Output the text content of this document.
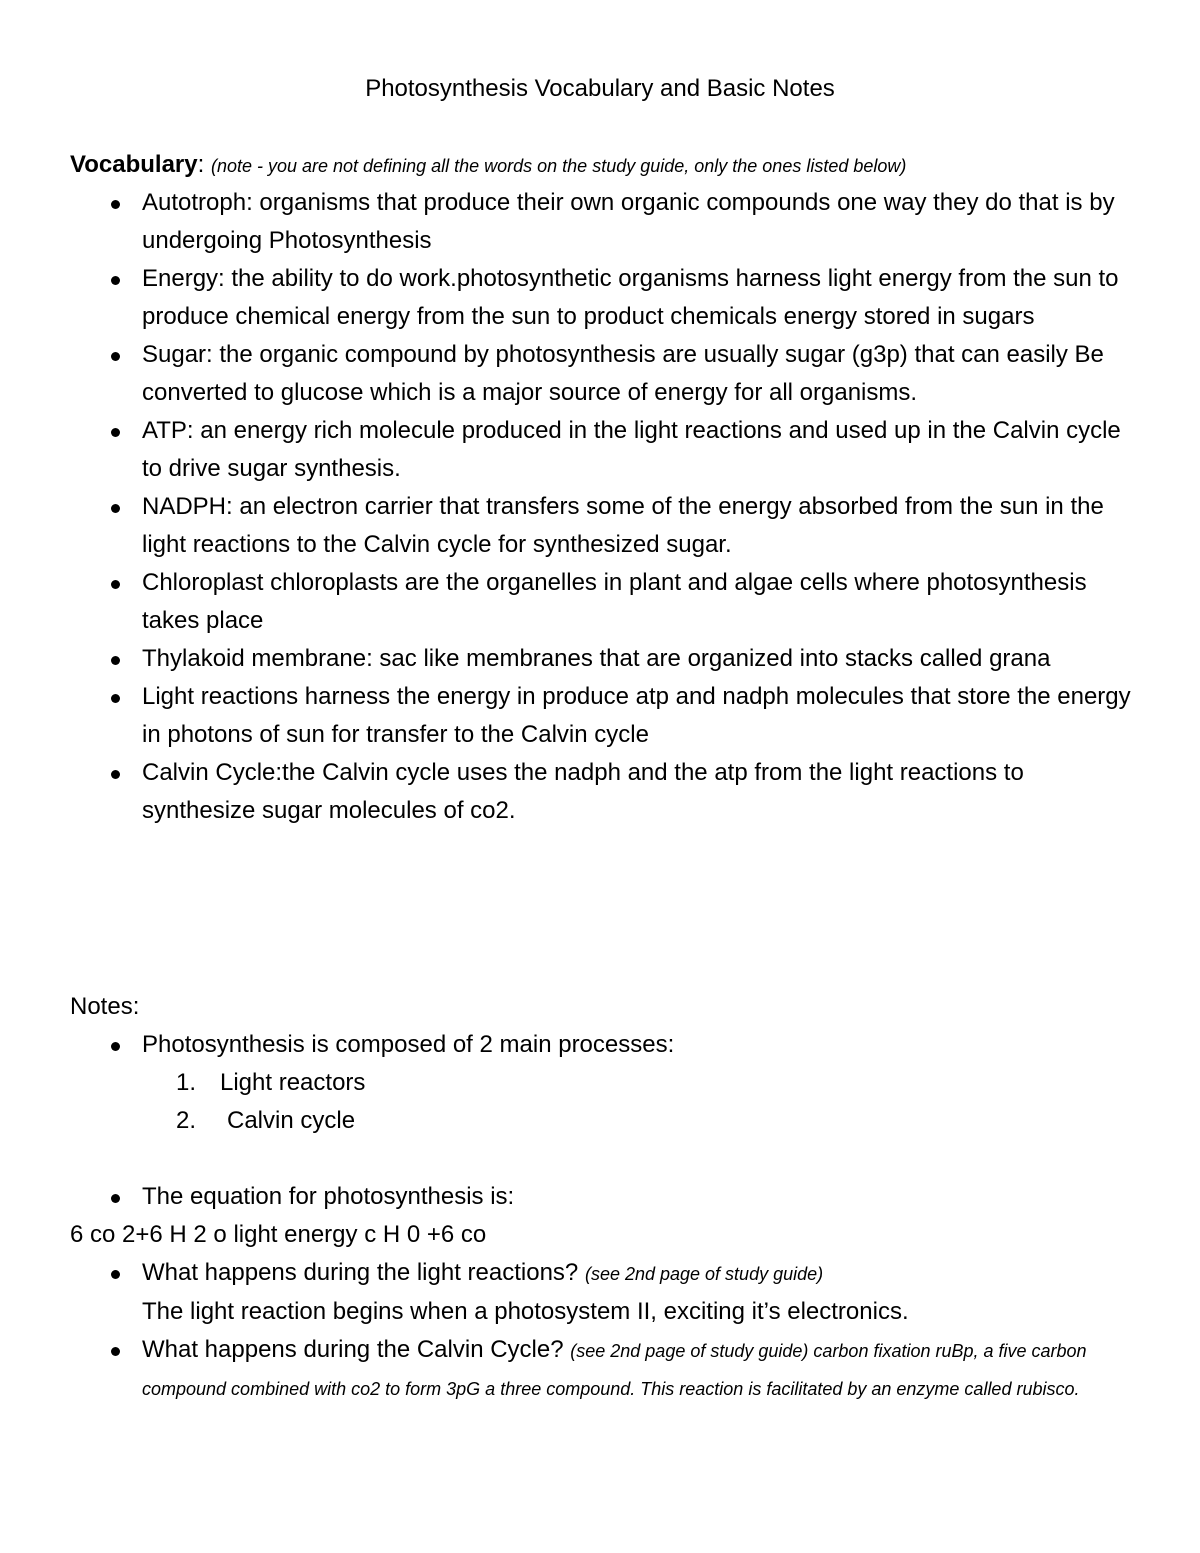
Photosynthesis Vocabulary and Basic Notes
Vocabulary: (note - you are not defining all the words on the study guide, only the ones listed below)
Autotroph: organisms that produce their own organic compounds one way they do that is by undergoing Photosynthesis
Energy: the ability to do work.photosynthetic organisms harness light energy from the sun to produce chemical energy from the sun to product chemicals energy stored in sugars
Sugar: the organic compound by photosynthesis are usually sugar (g3p) that can easily Be converted to glucose which is a major source of energy for all organisms.
ATP: an energy rich molecule produced in the light reactions and used up in the Calvin cycle to drive sugar synthesis.
NADPH: an electron carrier that transfers some of the energy absorbed from the sun in the light reactions to the Calvin cycle for synthesized sugar.
Chloroplast chloroplasts are the organelles in plant and algae cells where photosynthesis takes place
Thylakoid membrane: sac like membranes that are organized into stacks called grana
Light reactions harness the energy in produce atp and nadph molecules that store the energy in photons of sun for transfer to the Calvin cycle
Calvin Cycle:the Calvin cycle uses the nadph and the atp from the light reactions to synthesize sugar molecules of co2.
Notes:
Photosynthesis is composed of 2 main processes:
1. Light reactors
2. Calvin cycle
The equation for photosynthesis is:
6 co 2+6 H 2 o light energy c H 0 +6 co
What happens during the light reactions? (see 2nd page of study guide)
The light reaction begins when a photosystem II, exciting it’s electronics.
What happens during the Calvin Cycle? (see 2nd page of study guide) carbon fixation ruBp, a five carbon compound combined with co2 to form 3pG a three compound. This reaction is facilitated by an enzyme called rubisco.
